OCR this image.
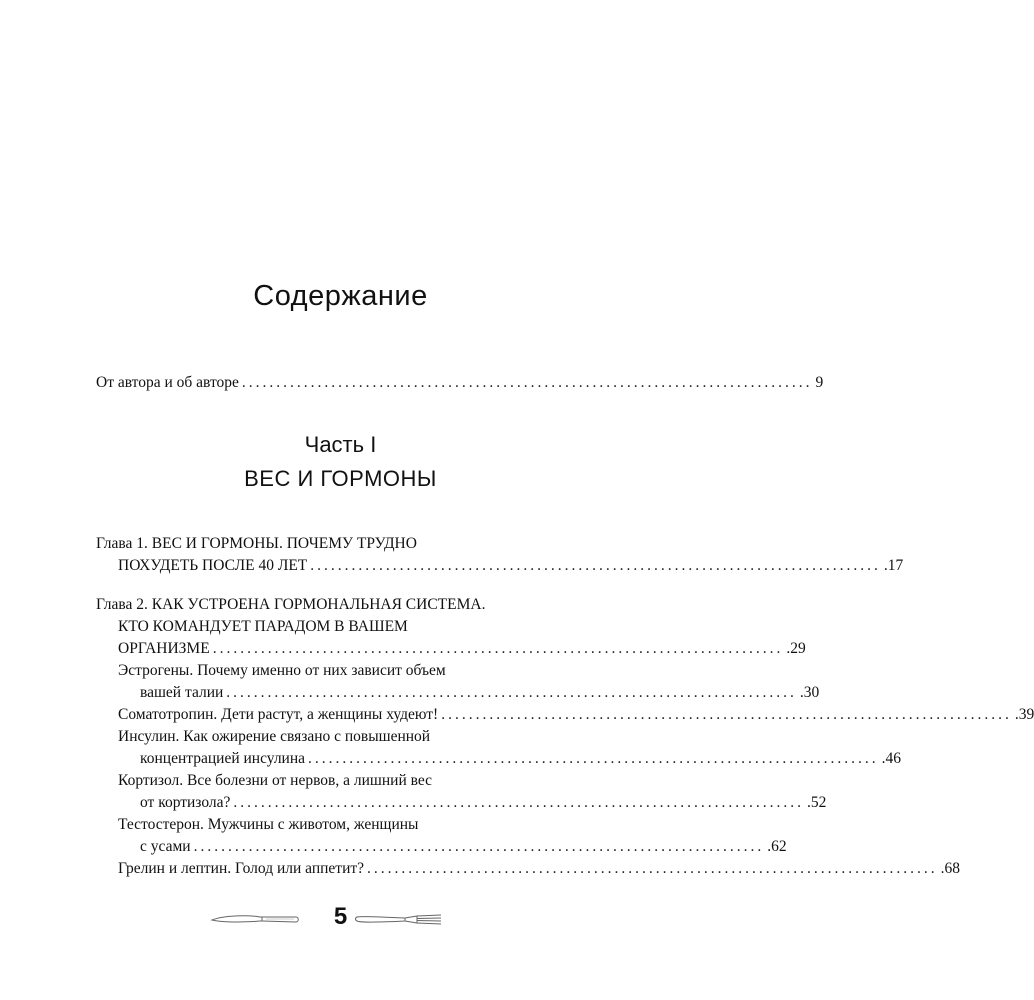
Содержание
От автора и об авторе ................................................................................... 9
Часть I
ВЕС И ГОРМОНЫ
Глава 1. ВЕС И ГОРМОНЫ. ПОЧЕМУ ТРУДНО
ПОХУДЕТЬ ПОСЛЕ 40 ЛЕТ ................................................................................... .17
Глава 2. КАК УСТРОЕНА ГОРМОНАЛЬНАЯ СИСТЕМА.
КТО КОМАНДУЕТ ПАРАДОМ В ВАШЕМ
ОРГАНИЗМЕ ................................................................................... .29
Эстрогены. Почему именно от них зависит объем
вашей талии ................................................................................... .30
Соматотропин. Дети растут, а женщины худеют! ................................................................................... .39
Инсулин. Как ожирение связано с повышенной
концентрацией инсулина ................................................................................... .46
Кортизол. Все болезни от нервов, а лишний вес
от кортизола? ................................................................................... .52
Тестостерон. Мужчины с животом, женщины
с усами ................................................................................... .62
Грелин и лептин. Голод или аппетит? ................................................................................... .68
5
